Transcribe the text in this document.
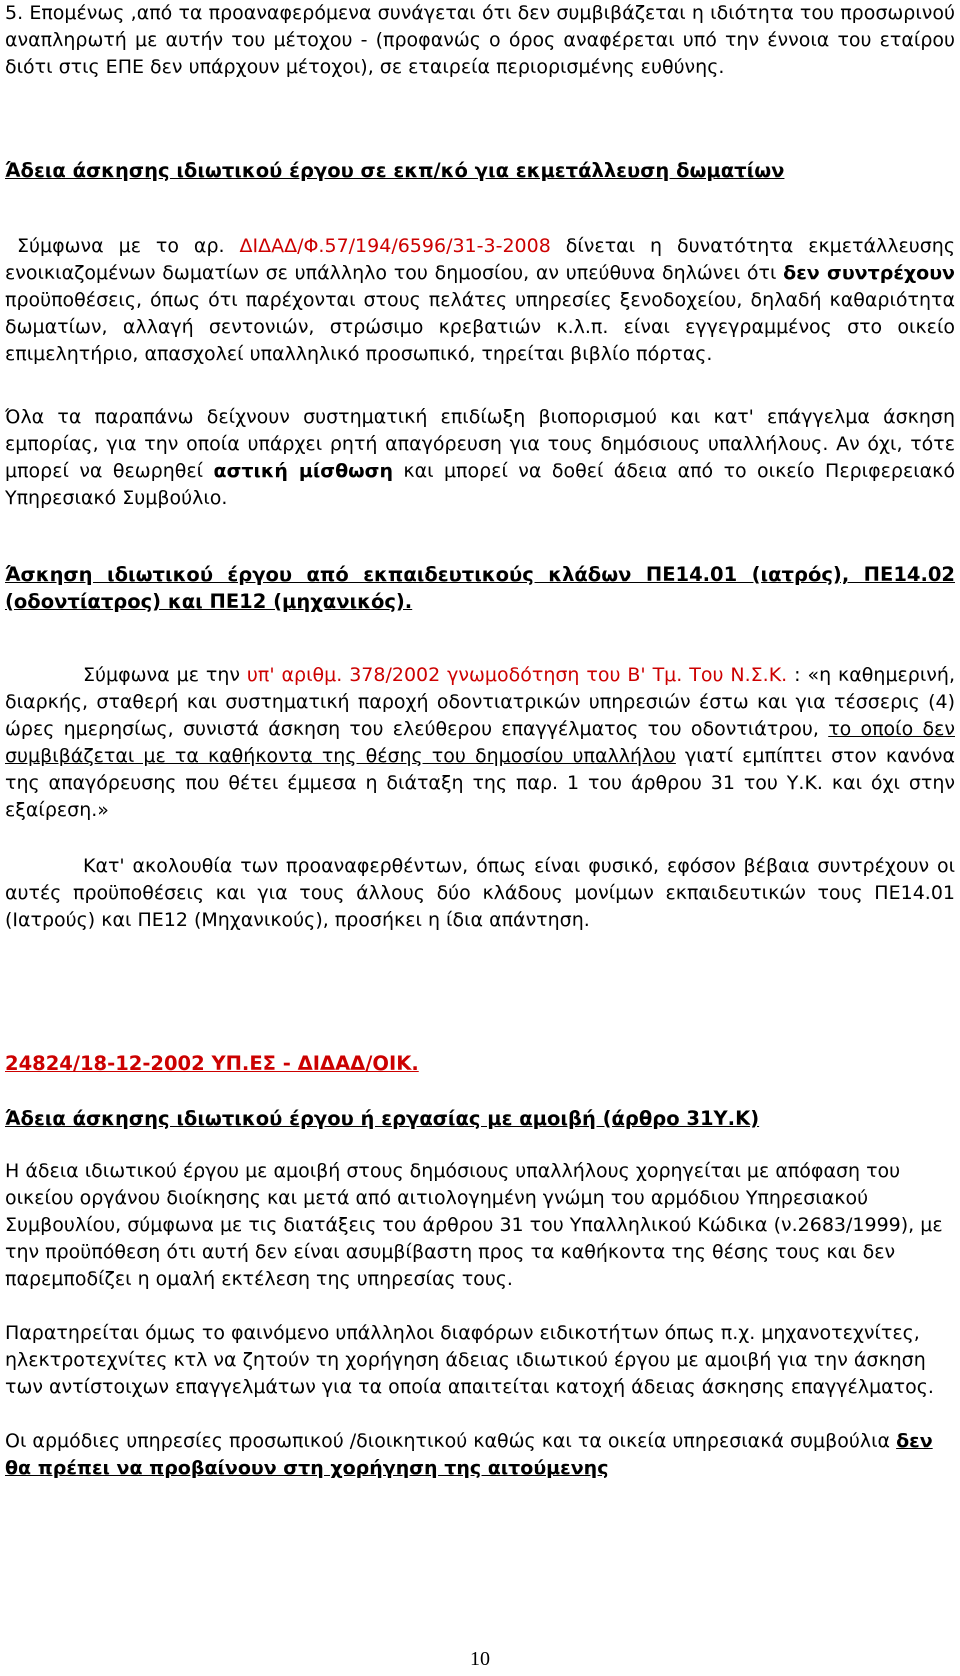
5. Επομένως ,από τα προαναφερόμενα συνάγεται ότι δεν συμβιβάζεται η ιδιότητα του προσωρινού αναπληρωτή με αυτήν του μέτοχου - (προφανώς ο όρος αναφέρεται υπό την έννοια του εταίρου διότι στις ΕΠΕ δεν υπάρχουν μέτοχοι), σε εταιρεία περιορισμένης ευθύνης.

Άδεια άσκησης ιδιωτικού έργου σε εκπ/κό για εκμετάλλευση δωματίων

Σύμφωνα με το αρ. ΔΙΔΑΔ/Φ.57/194/6596/31-3-2008 δίνεται η δυνατότητα εκμετάλλευσης ενοικιαζομένων δωματίων σε υπάλληλο του δημοσίου, αν υπεύθυνα δηλώνει ότι δεν συντρέχουν προϋποθέσεις, όπως ότι παρέχονται στους πελάτες υπηρεσίες ξενοδοχείου, δηλαδή καθαριότητα δωματίων, αλλαγή σεντονιών, στρώσιμο κρεβατιών κ.λ.π. είναι εγγεγραμμένος στο οικείο επιμελητήριο, απασχολεί υπαλληλικό προσωπικό, τηρείται βιβλίο πόρτας.

Όλα τα παραπάνω δείχνουν συστηματική επιδίωξη βιοπορισμού και κατ' επάγγελμα άσκηση εμπορίας, για την οποία υπάρχει ρητή απαγόρευση για τους δημόσιους υπαλλήλους. Αν όχι, τότε μπορεί να θεωρηθεί αστική μίσθωση και μπορεί να δοθεί άδεια από το οικείο Περιφερειακό Υπηρεσιακό Συμβούλιο.

Άσκηση ιδιωτικού έργου από εκπαιδευτικούς κλάδων ΠΕ14.01 (ιατρός), ΠΕ14.02 (οδοντίατρος) και ΠΕ12 (μηχανικός).

Σύμφωνα με την υπ' αριθμ. 378/2002 γνωμοδότηση του Β' Τμ. Του Ν.Σ.Κ. : «η καθημερινή, διαρκής, σταθερή και συστηματική παροχή οδοντιατρικών υπηρεσιών έστω και για τέσσερις (4) ώρες ημερησίως, συνιστά άσκηση του ελεύθερου επαγγέλματος του οδοντιάτρου, το οποίο δεν συμβιβάζεται με τα καθήκοντα της θέσης του δημοσίου υπαλλήλου γιατί εμπίπτει στον κανόνα της απαγόρευσης που θέτει έμμεσα η διάταξη της παρ. 1 του άρθρου 31 του Υ.Κ. και όχι στην εξαίρεση.»

Κατ' ακολουθία των προαναφερθέντων, όπως είναι φυσικό, εφόσον βέβαια συντρέχουν οι αυτές προϋποθέσεις και για τους άλλους δύο κλάδους μονίμων εκπαιδευτικών τους ΠΕ14.01 (Ιατρούς) και ΠΕ12 (Μηχανικούς), προσήκει η ίδια απάντηση.

24824/18-12-2002 ΥΠ.ΕΣ - ΔΙΔΑΔ/ΟΙΚ.

Άδεια άσκησης ιδιωτικού έργου ή εργασίας με αμοιβή (άρθρο 31Υ.Κ)

Η άδεια ιδιωτικού έργου με αμοιβή στους δημόσιους υπαλλήλους χορηγείται με απόφαση του οικείου οργάνου διοίκησης και μετά από αιτιολογημένη γνώμη του αρμόδιου Υπηρεσιακού Συμβουλίου, σύμφωνα με τις διατάξεις του άρθρου 31 του Υπαλληλικού Κώδικα (ν.2683/1999), με την προϋπόθεση ότι αυτή δεν είναι ασυμβίβαστη προς τα καθήκοντα της θέσης τους και δεν παρεμποδίζει η ομαλή εκτέλεση της υπηρεσίας τους.

Παρατηρείται όμως το φαινόμενο υπάλληλοι διαφόρων ειδικοτήτων όπως π.χ. μηχανοτεχνίτες, ηλεκτροτεχνίτες κτλ να ζητούν τη χορήγηση άδειας ιδιωτικού έργου με αμοιβή για την άσκηση των αντίστοιχων επαγγελμάτων για τα οποία απαιτείται κατοχή άδειας άσκησης επαγγέλματος.

Οι αρμόδιες υπηρεσίες προσωπικού /διοικητικού καθώς και τα οικεία υπηρεσιακά συμβούλια δεν θα πρέπει να προβαίνουν στη χορήγηση της αιτούμενης

10
